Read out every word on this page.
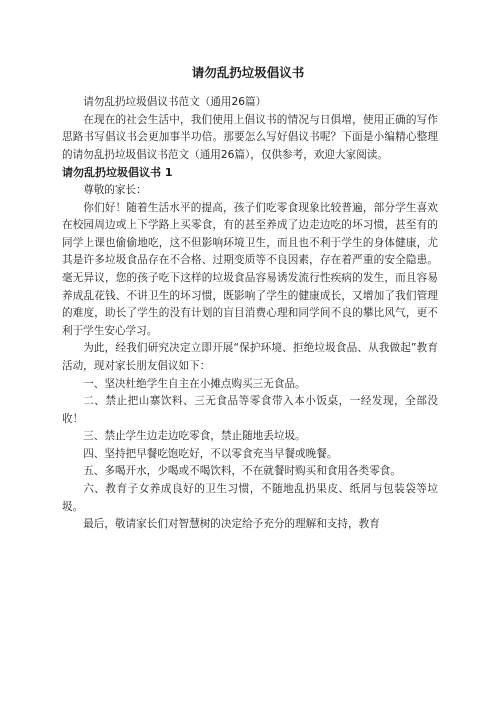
请勿乱扔垃圾倡议书

请勿乱扔垃圾倡议书范文（通用26篇）

在现在的社会生活中，我们使用上倡议书的情况与日俱增，使用正确的写作思路书写倡议书会更加事半功倍。那要怎么写好倡议书呢？下面是小编精心整理的请勿乱扔垃圾倡议书范文（通用26篇），仅供参考，欢迎大家阅读。

请勿乱扔垃圾倡议书 1

尊敬的家长：

你们好！随着生活水平的提高，孩子们吃零食现象比较普遍，部分学生喜欢在校园周边或上下学路上买零食，有的甚至养成了边走边吃的坏习惯，甚至有的同学上课也偷偷地吃，这不但影响环境卫生，而且也不利于学生的身体健康，尤其是许多垃圾食品存在不合格、过期变质等不良因素，存在着严重的安全隐患。毫无异议，您的孩子吃下这样的垃圾食品容易诱发流行性疾病的发生，而且容易养成乱花钱、不讲卫生的坏习惯，既影响了学生的健康成长，又增加了我们管理的难度，助长了学生的没有计划的盲目消费心理和同学间不良的攀比风气，更不利于学生安心学习。

为此，经我们研究决定立即开展“保护环境、拒绝垃圾食品、从我做起”教育活动，现对家长朋友倡议如下：

一、坚决杜绝学生自主在小摊点购买三无食品。

二、禁止把山寨饮料、三无食品等零食带入本小饭桌，一经发现，全部没收！

三、禁止学生边走边吃零食，禁止随地丢垃圾。

四、坚持把早餐吃饱吃好，不以零食充当早餐或晚餐。

五、多喝开水，少喝或不喝饮料，不在就餐时购买和食用各类零食。

六、教育子女养成良好的卫生习惯，不随地乱扔果皮、纸屑与包装袋等垃圾。

最后，敬请家长们对智慧树的决定给予充分的理解和支持，教育
